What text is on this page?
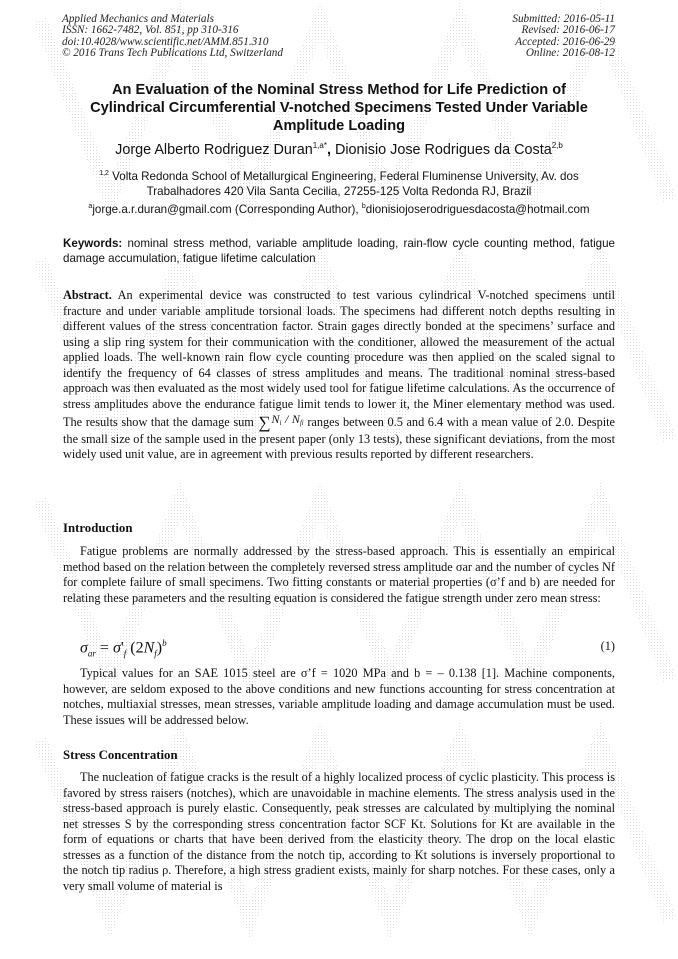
Applied Mechanics and Materials
ISSN: 1662-7482, Vol. 851, pp 310-316
doi:10.4028/www.scientific.net/AMM.851.310
© 2016 Trans Tech Publications Ltd, Switzerland
Submitted: 2016-05-11
Revised: 2016-06-17
Accepted: 2016-06-29
Online: 2016-08-12
An Evaluation of the Nominal Stress Method for Life Prediction of
Cylindrical Circumferential V-notched Specimens Tested Under Variable
Amplitude Loading
Jorge Alberto Rodriguez Duran$^{1,a*}$, Dionisio Jose Rodrigues da Costa$^{2,b}$
$^{1,2}$ Volta Redonda School of Metallurgical Engineering, Federal Fluminense University, Av. dos
Trabalhadores 420 Vila Santa Cecilia, 27255-125 Volta Redonda RJ, Brazil
$^a$jorge.a.r.duran@gmail.com (Corresponding Author), $^b$dionisiojoserodriguesdacosta@hotmail.com
Keywords: nominal stress method, variable amplitude loading, rain-flow cycle counting method, fatigue damage accumulation, fatigue lifetime calculation
Abstract. An experimental device was constructed to test various cylindrical V-notched specimens until fracture and under variable amplitude torsional loads. The specimens had different notch depths resulting in different values of the stress concentration factor. Strain gages directly bonded at the specimens’ surface and using a slip ring system for their communication with the conditioner, allowed the measurement of the actual applied loads. The well-known rain flow cycle counting procedure was then applied on the scaled signal to identify the frequency of 64 classes of stress amplitudes and means. The traditional nominal stress-based approach was then evaluated as the most widely used tool for fatigue lifetime calculations. As the occurrence of stress amplitudes above the endurance fatigue limit tends to lower it, the Miner elementary method was used. The results show that the damage sum $\sum N_i / N_{fi}$ ranges between 0.5 and 6.4 with a mean value of 2.0. Despite the small size of the sample used in the present paper (only 13 tests), these significant deviations, from the most widely used unit value, are in agreement with previous results reported by different researchers.
Introduction
Fatigue problems are normally addressed by the stress-based approach. This is essentially an empirical method based on the relation between the completely reversed stress amplitude σar and the number of cycles Nf for complete failure of small specimens. Two fitting constants or material properties (σ’f and b) are needed for relating these parameters and the resulting equation is considered the fatigue strength under zero mean stress:
$\sigma_{ar} = \sigma'_f$ $(2N_f)^b$	(1)
Typical values for an SAE 1015 steel are σ’f = 1020 MPa and b = – 0.138 [1]. Machine components, however, are seldom exposed to the above conditions and new functions accounting for stress concentration at notches, multiaxial stresses, mean stresses, variable amplitude loading and damage accumulation must be used. These issues will be addressed below.
Stress Concentration
The nucleation of fatigue cracks is the result of a highly localized process of cyclic plasticity. This process is favored by stress raisers (notches), which are unavoidable in machine elements. The stress analysis used in the stress-based approach is purely elastic. Consequently, peak stresses are calculated by multiplying the nominal net stresses S by the corresponding stress concentration factor SCF Kt. Solutions for Kt are available in the form of equations or charts that have been derived from the elasticity theory. The drop on the local elastic stresses as a function of the distance from the notch tip, according to Kt solutions is inversely proportional to the notch tip radius ρ. Therefore, a high stress gradient exists, mainly for sharp notches. For these cases, only a very small volume of material is
